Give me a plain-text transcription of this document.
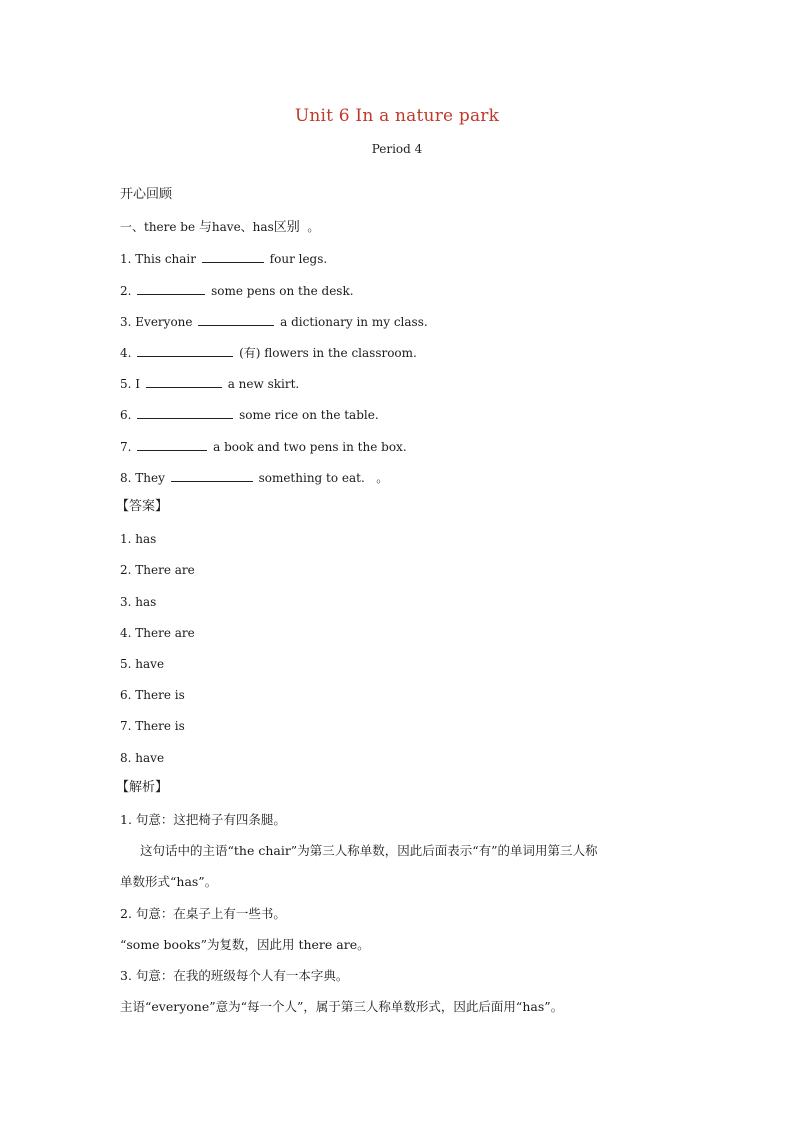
Unit 6 In a nature park
Period 4
开心回顾
一、there be 与have、has区别 。
1. This chair	four legs.
2.	some pens on the desk.
3. Everyone	a dictionary in my class.
4.	(有) flowers in the classroom.
5. I	a new skirt.
6.	some rice on the table.
7.	a book and two pens in the box.
8. They	something to eat. 。
【答案】
1. has
2. There are
3. has
4. There are
5. have
6. There is
7. There is
8. have
【解析】
1. 句意：这把椅子有四条腿。
这句话中的主语“the chair”为第三人称单数，因此后面表示“有”的单词用第三人称
单数形式“has”。
2. 句意：在桌子上有一些书。
“some books”为复数，因此用 there are。
3. 句意：在我的班级每个人有一本字典。
主语“everyone”意为“每一个人”，属于第三人称单数形式，因此后面用“has”。
